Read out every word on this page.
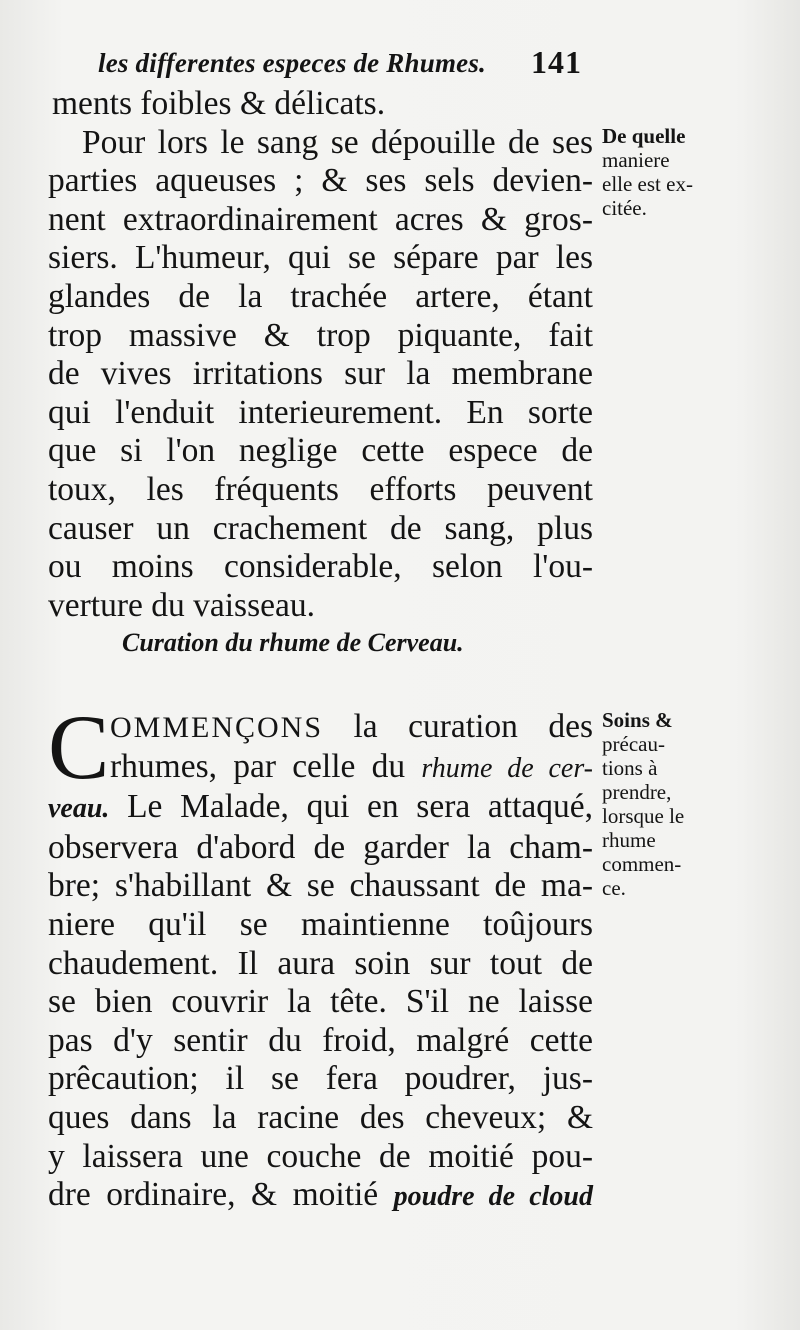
les differentes especes de Rhumes. 141
ments foibles & délicats.
Pour lors le sang se dépouille de ses
parties aqueuses ; & ses sels devien-
nent extraordinairement acres & gros-
siers. L'humeur, qui se sépare par les
glandes de la trachée artere, étant
trop massive & trop piquante, fait
de vives irritations sur la membrane
qui l'enduit interieurement. En sorte
que si l'on neglige cette espece de
toux, les fréquents efforts peuvent
causer un crachement de sang, plus
ou moins considerable, selon l'ou-
verture du vaisseau.
De quelle
maniere
elle est ex-
citée.
Curation du rhume de Cerveau.
C OMMENÇONS la curation des
rhumes, par celle du rhume de cer-
veau. Le Malade, qui en sera attaqué,
observera d'abord de garder la cham-
bre; s'habillant & se chaussant de ma-
niere qu'il se maintienne toûjours
chaudement. Il aura soin sur tout de
se bien couvrir la tête. S'il ne laisse
pas d'y sentir du froid, malgré cette
prêcaution; il se fera poudrer, jus-
ques dans la racine des cheveux; &
y laissera une couche de moitié pou-
dre ordinaire, & moitié poudre de cloud
Soins &
précau-
tions à
prendre,
lorsque le
rhume
commen-
ce.
